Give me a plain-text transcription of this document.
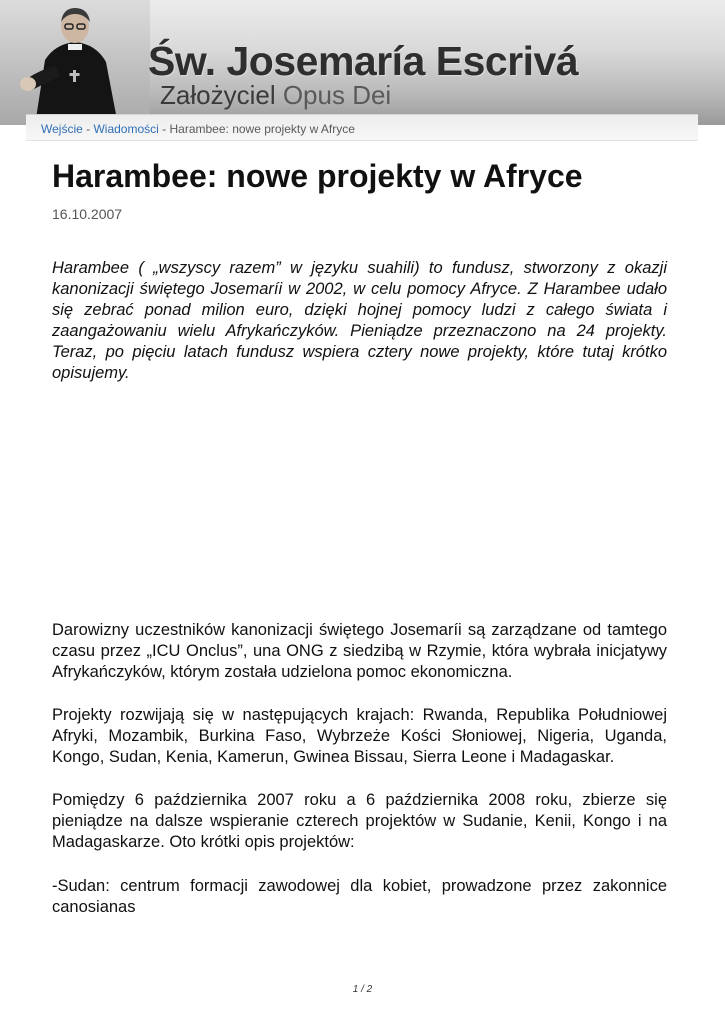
Św. Josemaría Escrivá
Założyciel Opus Dei
Wejście - Wiadomości - Harambee: nowe projekty w Afryce
Harambee: nowe projekty w Afryce
16.10.2007

Harambee ( „wszyscy razem” w języku suahili) to fundusz, stworzony z okazji kanonizacji świętego Josemaríi w 2002, w celu pomocy Afryce. Z Harambee udało się zebrać ponad milion euro, dzięki hojnej pomocy ludzi z całego świata i zaangażowaniu wielu Afrykańczyków. Pieniądze przeznaczono na 24 projekty. Teraz, po pięciu latach fundusz wspiera cztery nowe projekty, które tutaj krótko opisujemy.

Darowizny uczestników kanonizacji świętego Josemaríi są zarządzane od tamtego czasu przez „ICU Onclus”, una ONG z siedzibą w Rzymie, która wybrała inicjatywy Afrykańczyków, którym została udzielona pomoc ekonomiczna.

Projekty rozwijają się w następujących krajach: Rwanda, Republika Południowej Afryki, Mozambik, Burkina Faso, Wybrzeże Kości Słoniowej, Nigeria, Uganda, Kongo, Sudan, Kenia, Kamerun, Gwinea Bissau, Sierra Leone i Madagaskar.

Pomiędzy 6 października 2007 roku a 6 października 2008 roku, zbierze się pieniądze na dalsze wspieranie czterech projektów w Sudanie, Kenii, Kongo i na Madagaskarze. Oto krótki opis projektów:

-Sudan: centrum formacji zawodowej dla kobiet, prowadzone przez zakonnice canosianas

1 / 2
